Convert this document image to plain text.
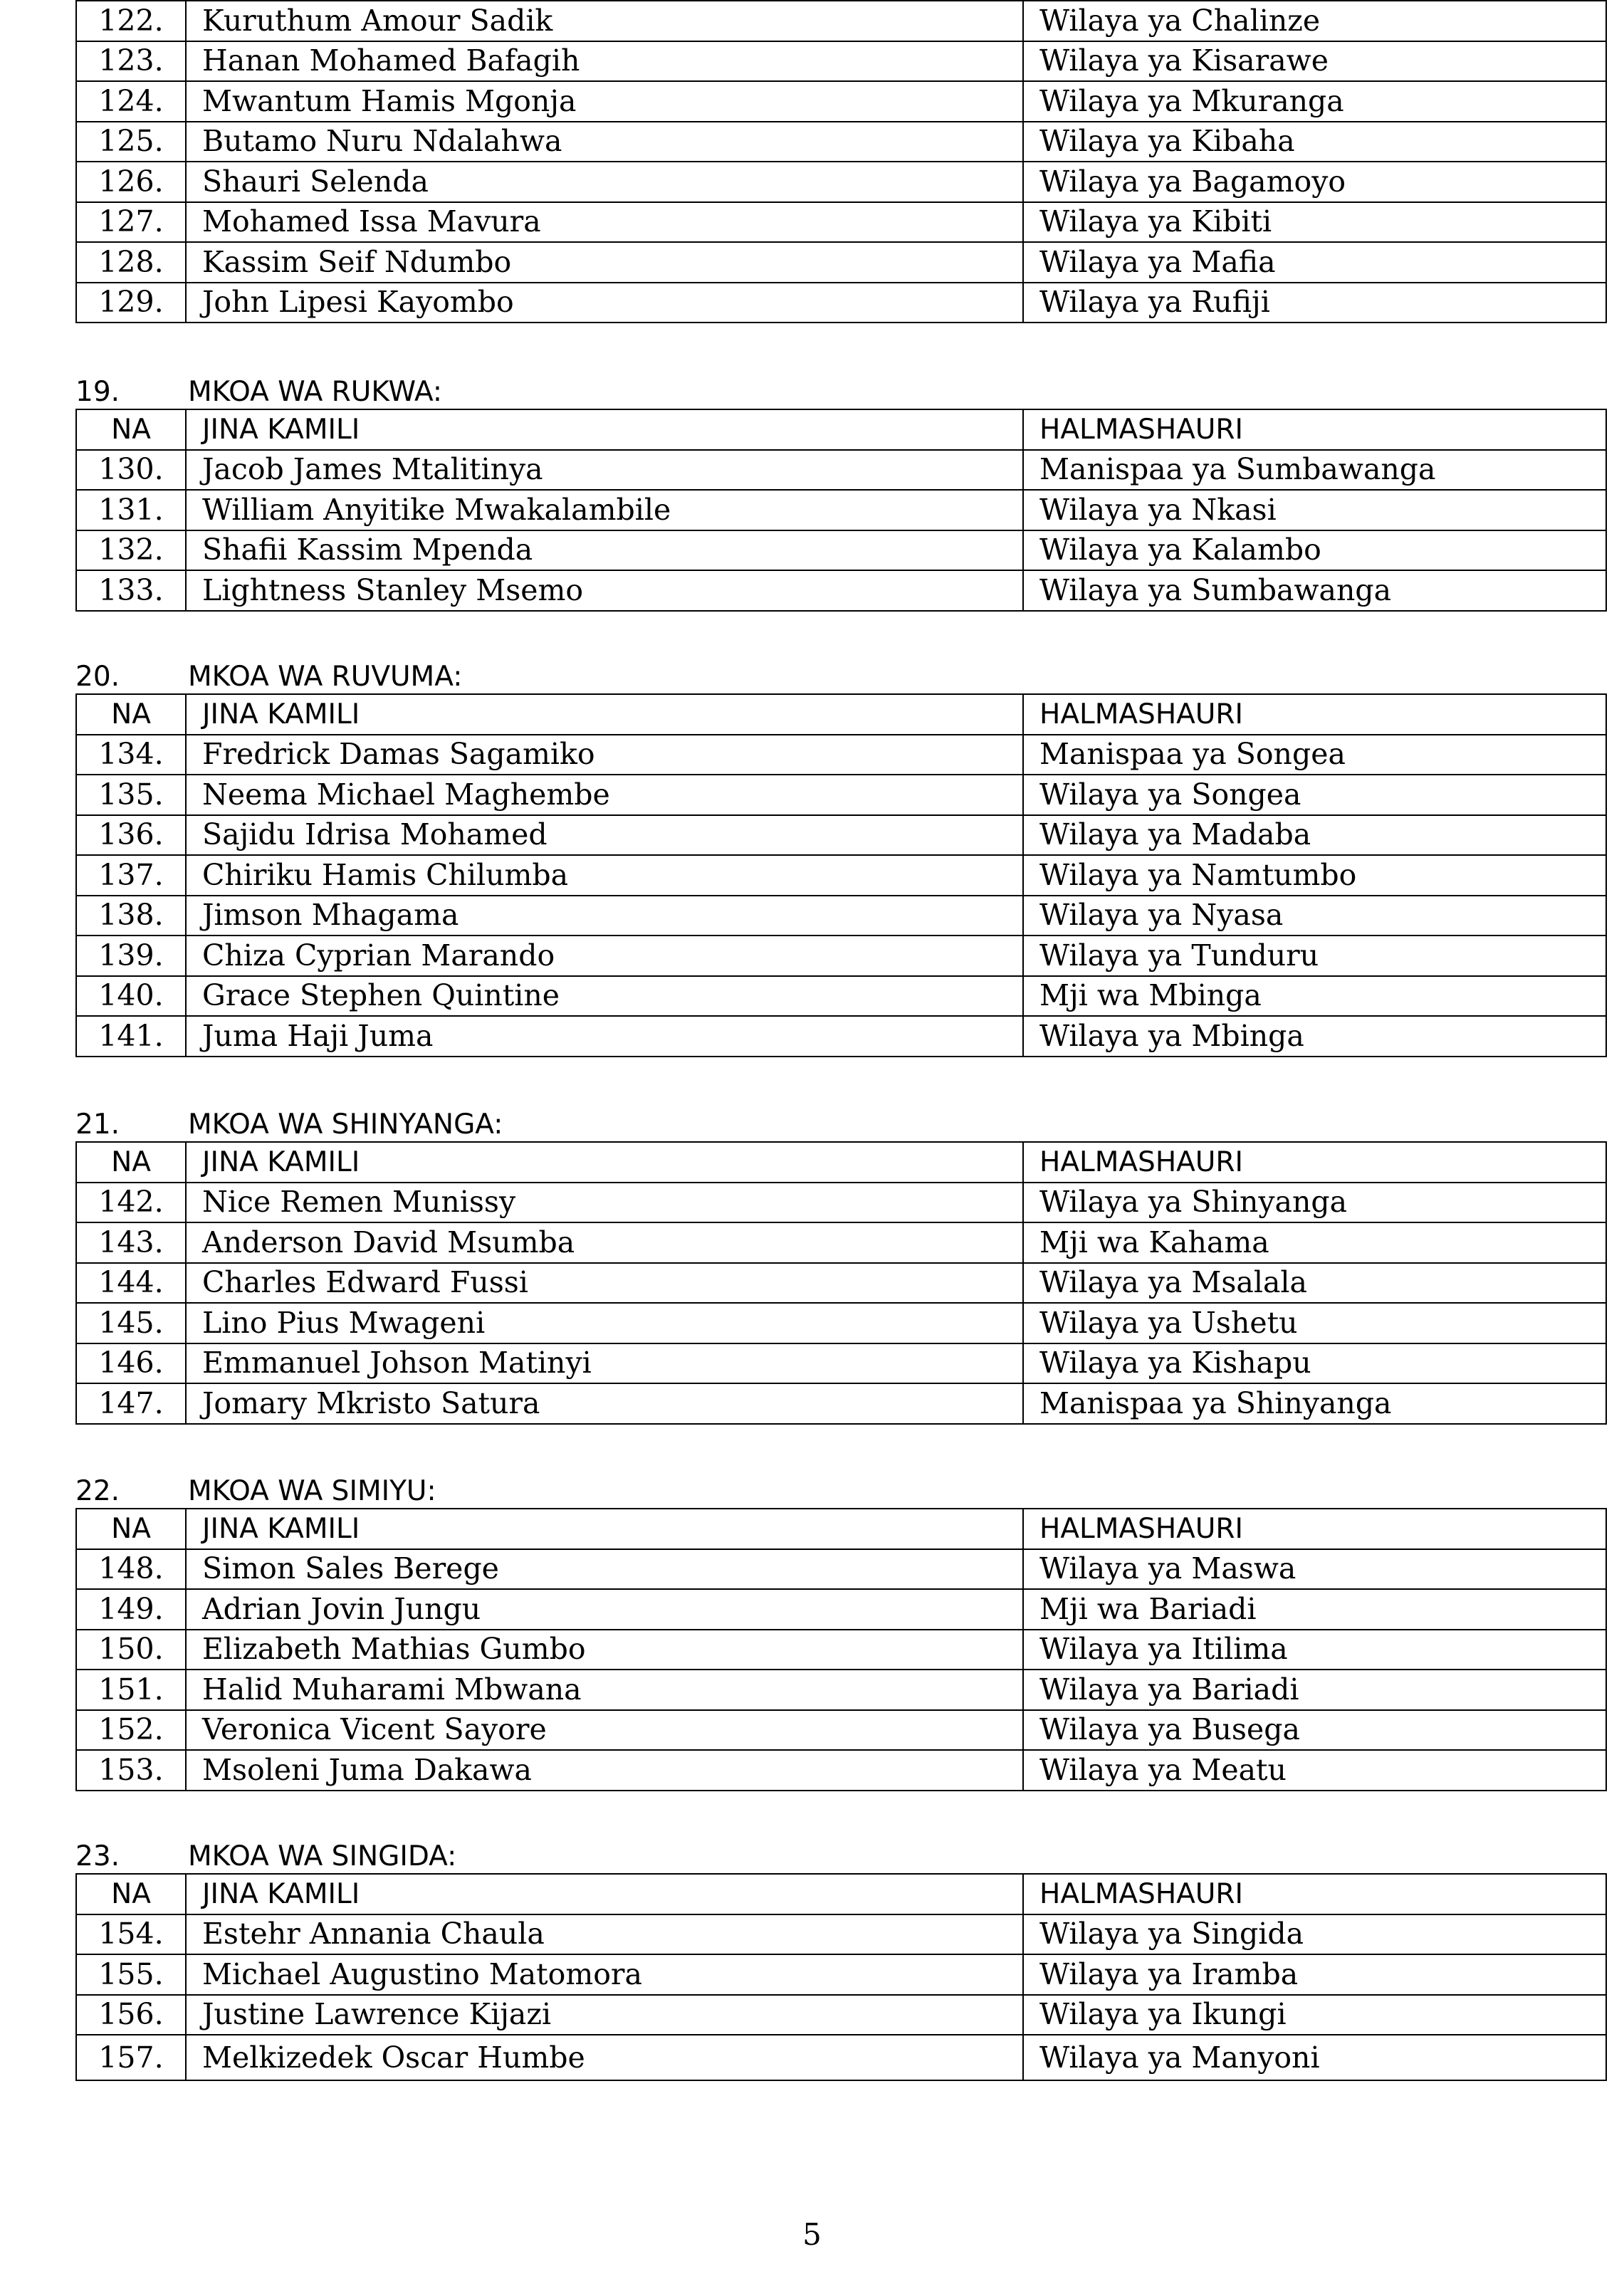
122.	Kuruthum Amour Sadik	Wilaya ya Chalinze
123.	Hanan Mohamed Bafagih	Wilaya ya Kisarawe
124.	Mwantum Hamis Mgonja	Wilaya ya Mkuranga
125.	Butamo Nuru Ndalahwa	Wilaya ya Kibaha
126.	Shauri Selenda	Wilaya ya Bagamoyo
127.	Mohamed Issa Mavura	Wilaya ya Kibiti
128.	Kassim Seif Ndumbo	Wilaya ya Mafia
129.	John Lipesi Kayombo	Wilaya ya Rufiji
19. MKOA WA RUKWA:
NA	JINA KAMILI	HALMASHAURI
130.	Jacob James Mtalitinya	Manispaa ya Sumbawanga
131.	William Anyitike Mwakalambile	Wilaya ya Nkasi
132.	Shafii Kassim Mpenda	Wilaya ya Kalambo
133.	Lightness Stanley Msemo	Wilaya ya Sumbawanga
20. MKOA WA RUVUMA:
NA	JINA KAMILI	HALMASHAURI
134.	Fredrick Damas Sagamiko	Manispaa ya Songea
135.	Neema Michael Maghembe	Wilaya ya Songea
136.	Sajidu Idrisa Mohamed	Wilaya ya Madaba
137.	Chiriku Hamis Chilumba	Wilaya ya Namtumbo
138.	Jimson Mhagama	Wilaya ya Nyasa
139.	Chiza Cyprian Marando	Wilaya ya Tunduru
140.	Grace Stephen Quintine	Mji wa Mbinga
141.	Juma Haji Juma	Wilaya ya Mbinga
21. MKOA WA SHINYANGA:
NA	JINA KAMILI	HALMASHAURI
142.	Nice Remen Munissy	Wilaya ya Shinyanga
143.	Anderson David Msumba	Mji wa Kahama
144.	Charles Edward Fussi	Wilaya ya Msalala
145.	Lino Pius Mwageni	Wilaya ya Ushetu
146.	Emmanuel Johson Matinyi	Wilaya ya Kishapu
147.	Jomary Mkristo Satura	Manispaa ya Shinyanga
22. MKOA WA SIMIYU:
NA	JINA KAMILI	HALMASHAURI
148.	Simon Sales Berege	Wilaya ya Maswa
149.	Adrian Jovin Jungu	Mji wa Bariadi
150.	Elizabeth Mathias Gumbo	Wilaya ya Itilima
151.	Halid Muharami Mbwana	Wilaya ya Bariadi
152.	Veronica Vicent Sayore	Wilaya ya Busega
153.	Msoleni Juma Dakawa	Wilaya ya Meatu
23. MKOA WA SINGIDA:
NA	JINA KAMILI	HALMASHAURI
154.	Estehr Annania Chaula	Wilaya ya Singida
155.	Michael Augustino Matomora	Wilaya ya Iramba
156.	Justine Lawrence Kijazi	Wilaya ya Ikungi
157.	Melkizedek Oscar Humbe	Wilaya ya Manyoni
5
